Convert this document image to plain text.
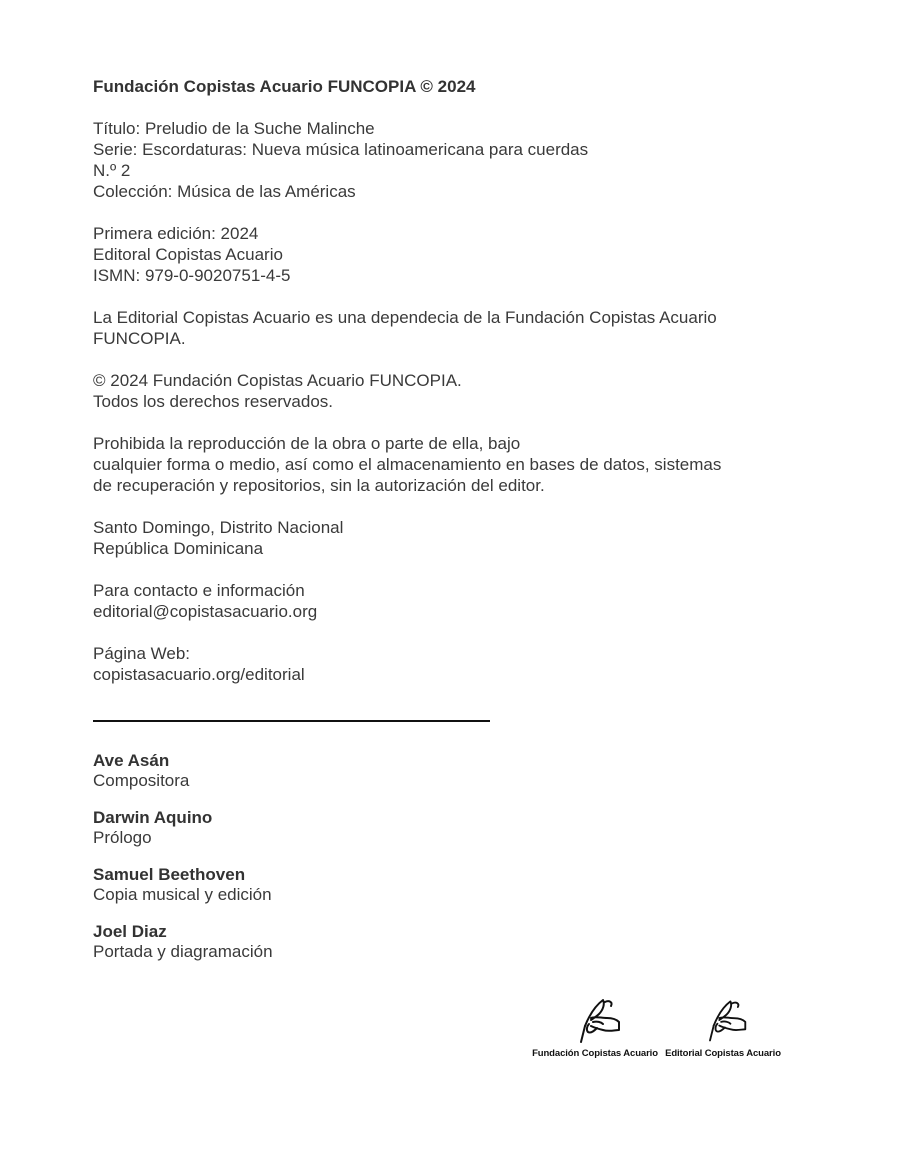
Fundación Copistas Acuario FUNCOPIA © 2024
Título: Preludio de la Suche Malinche
Serie: Escordaturas: Nueva música latinoamericana para cuerdas
N.º 2
Colección: Música de las Américas
Primera edición: 2024
Editoral Copistas Acuario
ISMN: 979-0-9020751-4-5
La Editorial Copistas Acuario es una dependecia de la Fundación Copistas Acuario
FUNCOPIA.
© 2024 Fundación Copistas Acuario FUNCOPIA.
Todos los derechos reservados.
Prohibida la reproducción de la obra o parte de ella, bajo
cualquier forma o medio, así como el almacenamiento en bases de datos, sistemas
de recuperación y repositorios, sin la autorización del editor.
Santo Domingo, Distrito Nacional
República Dominicana
Para contacto e información
editorial@copistasacuario.org
Página Web:
copistasacuario.org/editorial
Ave Asán
Compositora
Darwin Aquino
Prólogo
Samuel Beethoven
Copia musical y edición
Joel Diaz
Portada y diagramación
Fundación Copistas Acuario Editorial Copistas Acuario
